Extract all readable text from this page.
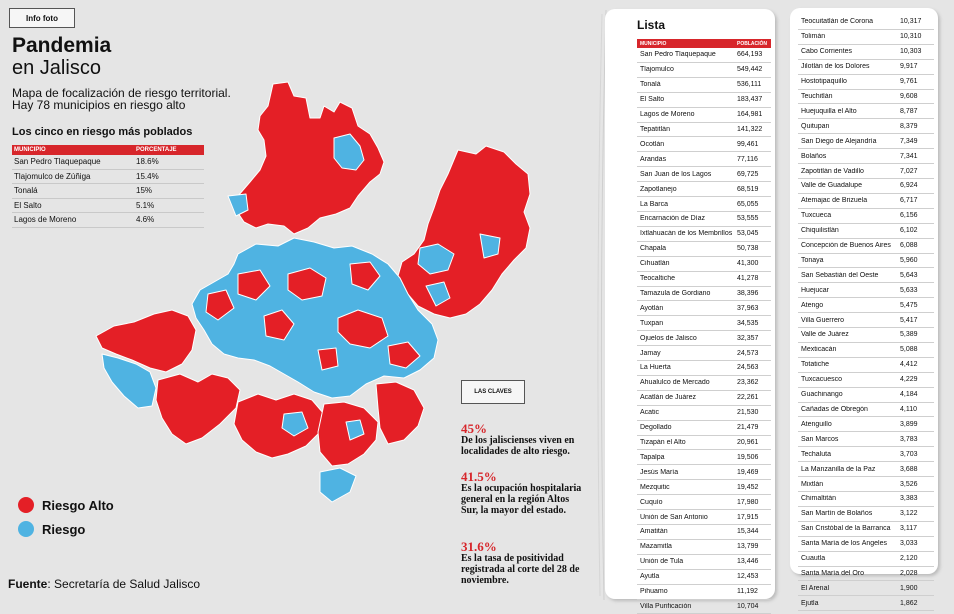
Info foto
Pandemia
en Jalisco
Mapa de focalización de riesgo territorial. Hay 78 municipios en riesgo alto
Los cinco en riesgo más poblados
MUNICIPIO	PORCENTAJE
San Pedro Tlaquepaque	18.6%
Tlajomulco de Zúñiga	15.4%
Tonalá	15%
El Salto	5.1%
Lagos de Moreno	4.6%
Riesgo Alto
Riesgo
Fuente: Secretaría de Salud Jalisco
LAS CLAVES
45%
De los jaliscienses viven en localidades de alto riesgo.
41.5%
Es la ocupación hospitalaria general en la región Altos Sur, la mayor del estado.
31.6%
Es la tasa de positividad registrada al corte del 28 de noviembre.
Lista
MUNICIPIO	POBLACIÓN
San Pedro Tlaquepaque	664,193
Tlajomulco	549,442
Tonalá	536,111
El Salto	183,437
Lagos de Moreno	164,981
Tepatitlán	141,322
Ocotlán	99,461
Arandas	77,116
San Juan de los Lagos	69,725
Zapotlanejo	68,519
La Barca	65,055
Encarnación de Díaz	53,555
Ixtlahuacán de los Membrillos 53,045
Chapala	50,738
Cihuatlán	41,300
Teocaltiche	41,278
Tamazula de Gordiano	38,396
Ayotlán	37,963
Tuxpan	34,535
Ojuelos de Jalisco	32,357
Jamay	24,573
La Huerta	24,563
Ahualulco de Mercado	23,362
Acatlán de Juárez	22,261
Acatic	21,530
Degollado	21,479
Tizapán el Alto	20,961
Tapalpa	19,506
Jesús María	19,469
Mezquitic	19,452
Cuquío	17,980
Unión de San Antonio	17,915
Amatitán	15,344
Mazamitla	13,799
Unión de Tula	13,446
Ayutla	12,453
Pihuamo	11,192
Villa Purificación	10,704
Teocuitatlán de Corona	10,317
Tolimán	10,310
Cabo Corrientes	10,303
Jilotlán de los Dolores	9,917
Hostotipaquillo	9,761
Teuchitlán	9,608
Huejuquilla el Alto	8,787
Quitupan	8,379
San Diego de Alejandría	7,349
Bolaños	7,341
Zapotitlán de Vadillo	7,027
Valle de Guadalupe	6,924
Atemajac de Brizuela	6,717
Tuxcueca	6,156
Chiquilistlán	6,102
Concepción de Buenos Aires	6,088
Tonaya	5,960
San Sebastián del Oeste	5,643
Huejucar	5,633
Atengo	5,475
Villa Guerrero	5,417
Valle de Juárez	5,389
Mexticacán	5,088
Totatiche	4,412
Tuxcacuesco	4,229
Guachinango	4,184
Cañadas de Obregón	4,110
Atenguillo	3,899
San Marcos	3,783
Techaluta	3,703
La Manzanilla de la Paz	3,688
Mixtlán	3,526
Chimaltitán	3,383
San Martín de Bolaños	3,122
San Cristóbal de la Barranca	3,117
Santa María de los Ángeles	3,033
Cuautla	2,120
Santa María del Oro	2,028
El Arenal	1,900
Ejutla	1,862
